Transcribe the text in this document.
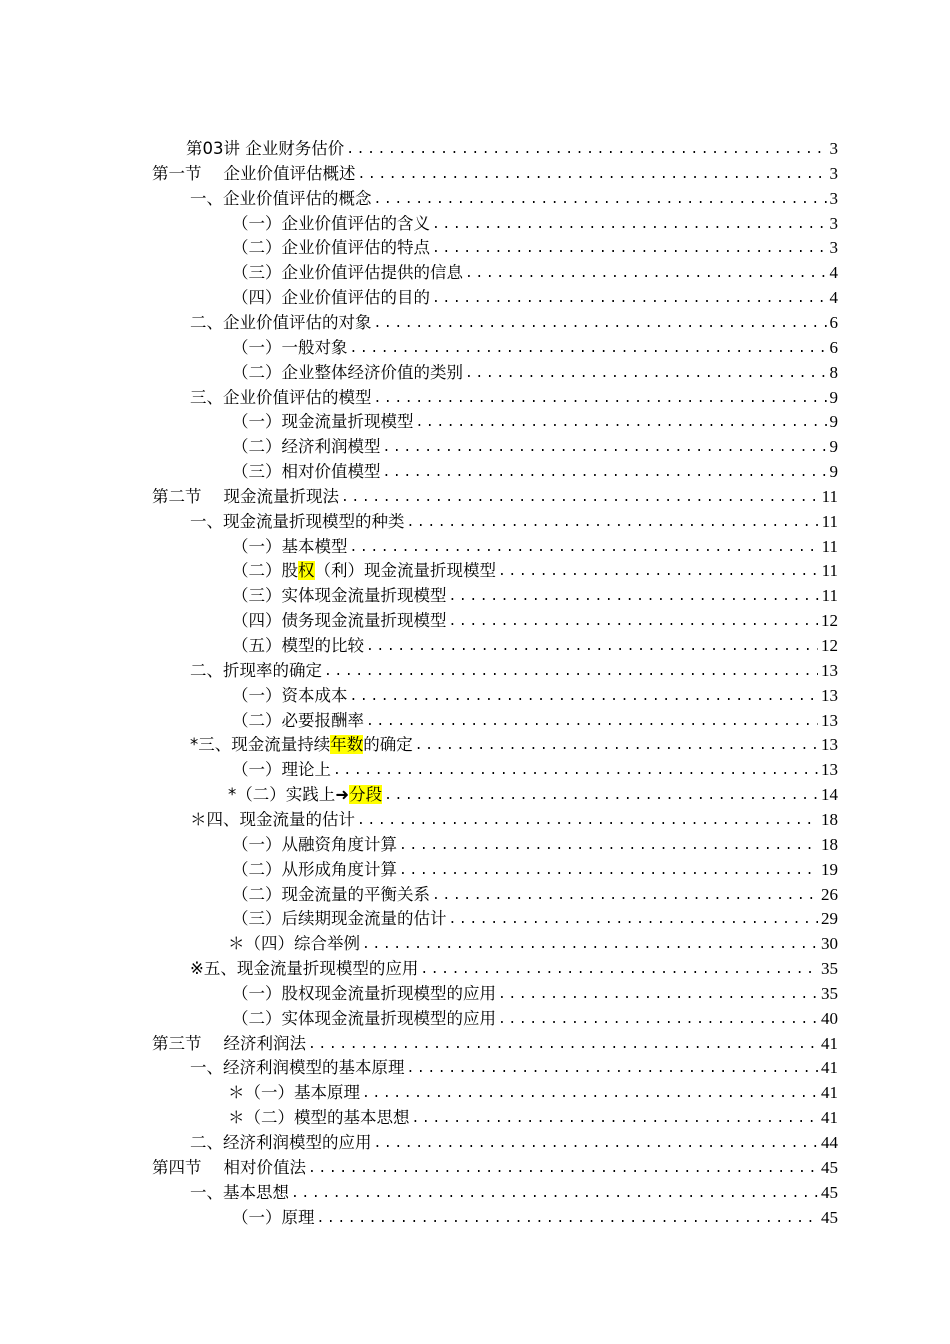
第03讲 企业财务估价 .....	3
第一节 企业价值评估概述 .....	3
一、企业价值评估的概念 .....	3
（一）企业价值评估的含义 .....	3
（二）企业价值评估的特点 .....	3
（三）企业价值评估提供的信息 .....	4
（四）企业价值评估的目的 .....	4
二、企业价值评估的对象 .....	6
（一）一般对象 .....	6
（二）企业整体经济价值的类别 .....	8
三、企业价值评估的模型 .....	9
（一）现金流量折现模型 .....	9
（二）经济利润模型 .....	9
（三）相对价值模型 .....	9
第二节 现金流量折现法 .....	11
一、现金流量折现模型的种类 .....	11
（一）基本模型 .....	11
（二）股权（利）现金流量折现模型 .....	11
（三）实体现金流量折现模型 .....	11
（四）债务现金流量折现模型 .....	12
（五）模型的比较 .....	12
二、折现率的确定 .....	13
（一）资本成本 .....	13
（二）必要报酬率 .....	13
*三、现金流量持续年数的确定 .....	13
（一）理论上 .....	13
*（二）实践上➜分段 .....	14
＊四、现金流量的估计 .....	18
（一）从融资角度计算 .....	18
（二）从形成角度计算 .....	19
（二）现金流量的平衡关系 .....	26
（三）后续期现金流量的估计 .....	29
＊（四）综合举例 .....	30
※五、现金流量折现模型的应用 .....	35
（一）股权现金流量折现模型的应用 .....	35
（二）实体现金流量折现模型的应用 .....	40
第三节 经济利润法 .....	41
一、经济利润模型的基本原理 .....	41
＊（一）基本原理 .....	41
＊（二）模型的基本思想 .....	41
二、经济利润模型的应用 .....	44
第四节 相对价值法 .....	45
一、基本思想 .....	45
（一）原理 .....	45
